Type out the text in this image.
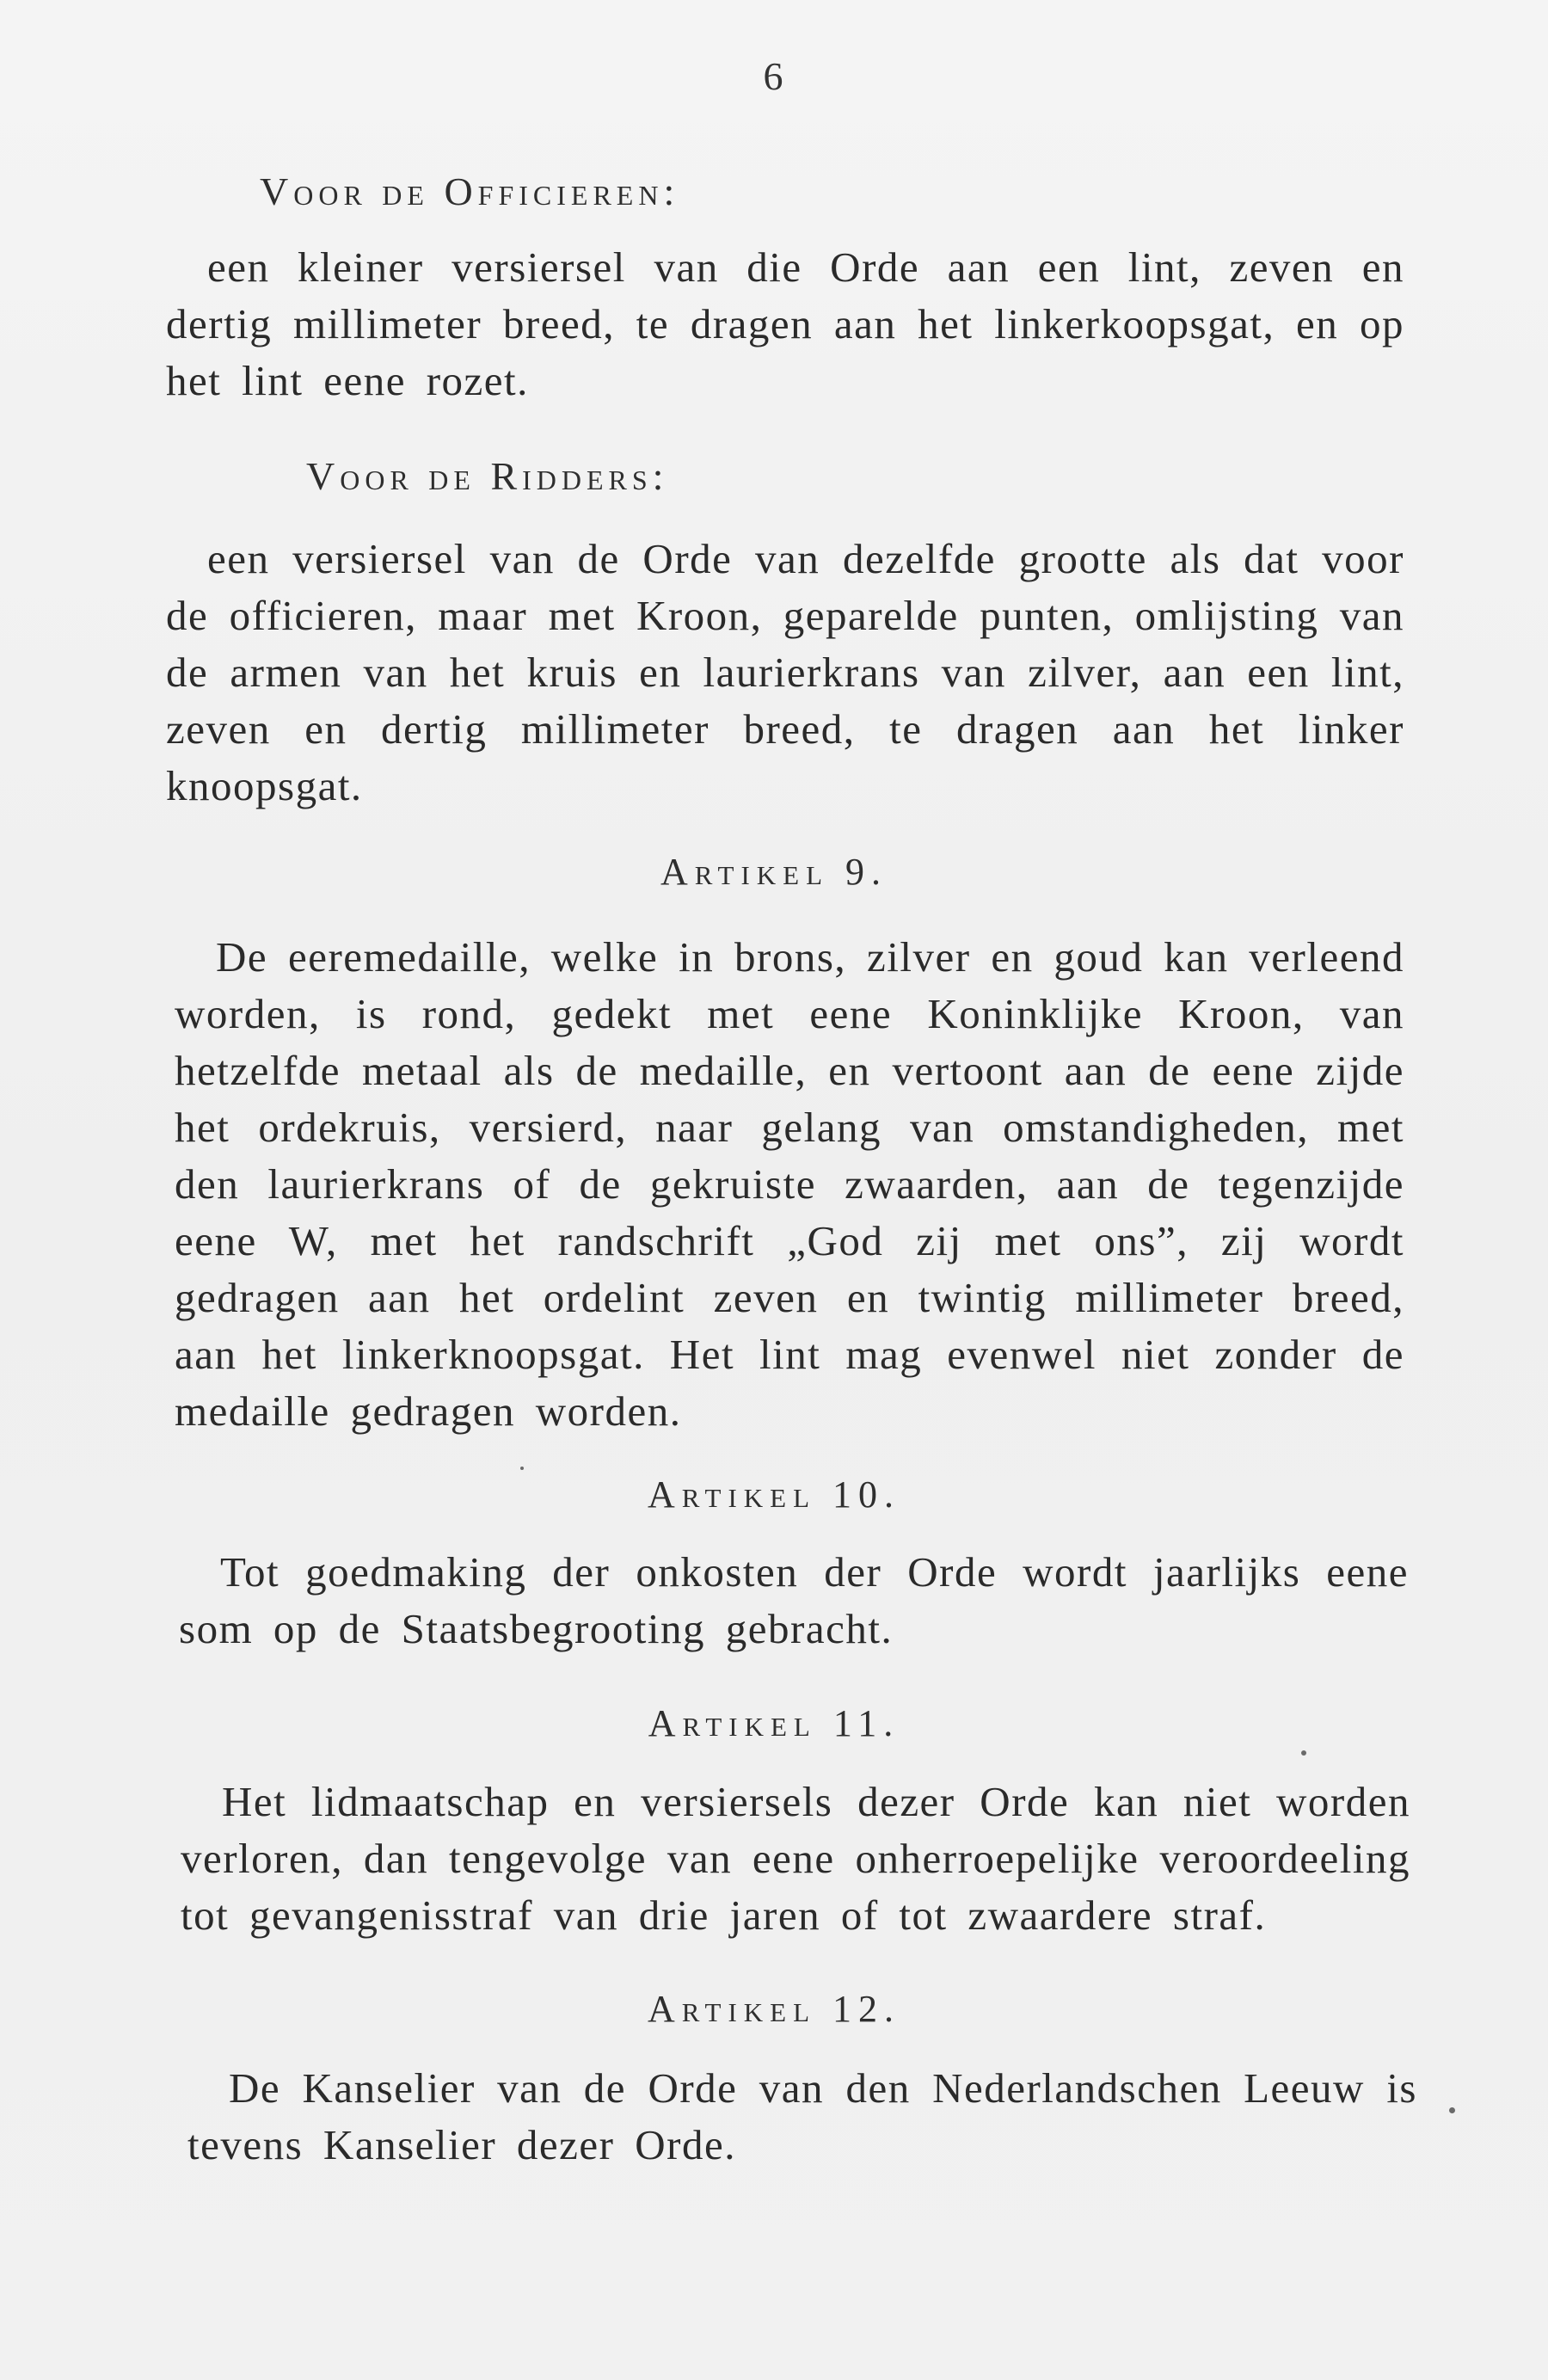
6
Voor de Officieren:
een kleiner versiersel van die Orde aan een lint, zeven en dertig millimeter breed, te dragen aan het linkerkoopsgat, en op het lint eene rozet.
Voor de Ridders:
een versiersel van de Orde van dezelfde grootte als dat voor de officieren, maar met Kroon, geparelde punten, omlijsting van de armen van het kruis en laurierkrans van zilver, aan een lint, zeven en dertig millimeter breed, te dragen aan het linker knoopsgat.
Artikel 9.
De eeremedaille, welke in brons, zilver en goud kan verleend worden, is rond, gedekt met eene Koninklijke Kroon, van hetzelfde metaal als de medaille, en vertoont aan de eene zijde het ordekruis, versierd, naar gelang van omstandigheden, met den laurierkrans of de gekruiste zwaarden, aan de tegenzijde eene W, met het randschrift „God zij met ons”, zij wordt gedragen aan het ordelint zeven en twintig millimeter breed, aan het linkerknoopsgat. Het lint mag evenwel niet zonder de medaille gedragen worden.
Artikel 10.
Tot goedmaking der onkosten der Orde wordt jaarlijks eene som op de Staatsbegrooting gebracht.
Artikel 11.
Het lidmaatschap en versiersels dezer Orde kan niet worden verloren, dan tengevolge van eene onherroepelijke veroordeeling tot gevangenisstraf van drie jaren of tot zwaardere straf.
Artikel 12.
De Kanselier van de Orde van den Nederlandschen Leeuw is tevens Kanselier dezer Orde.
